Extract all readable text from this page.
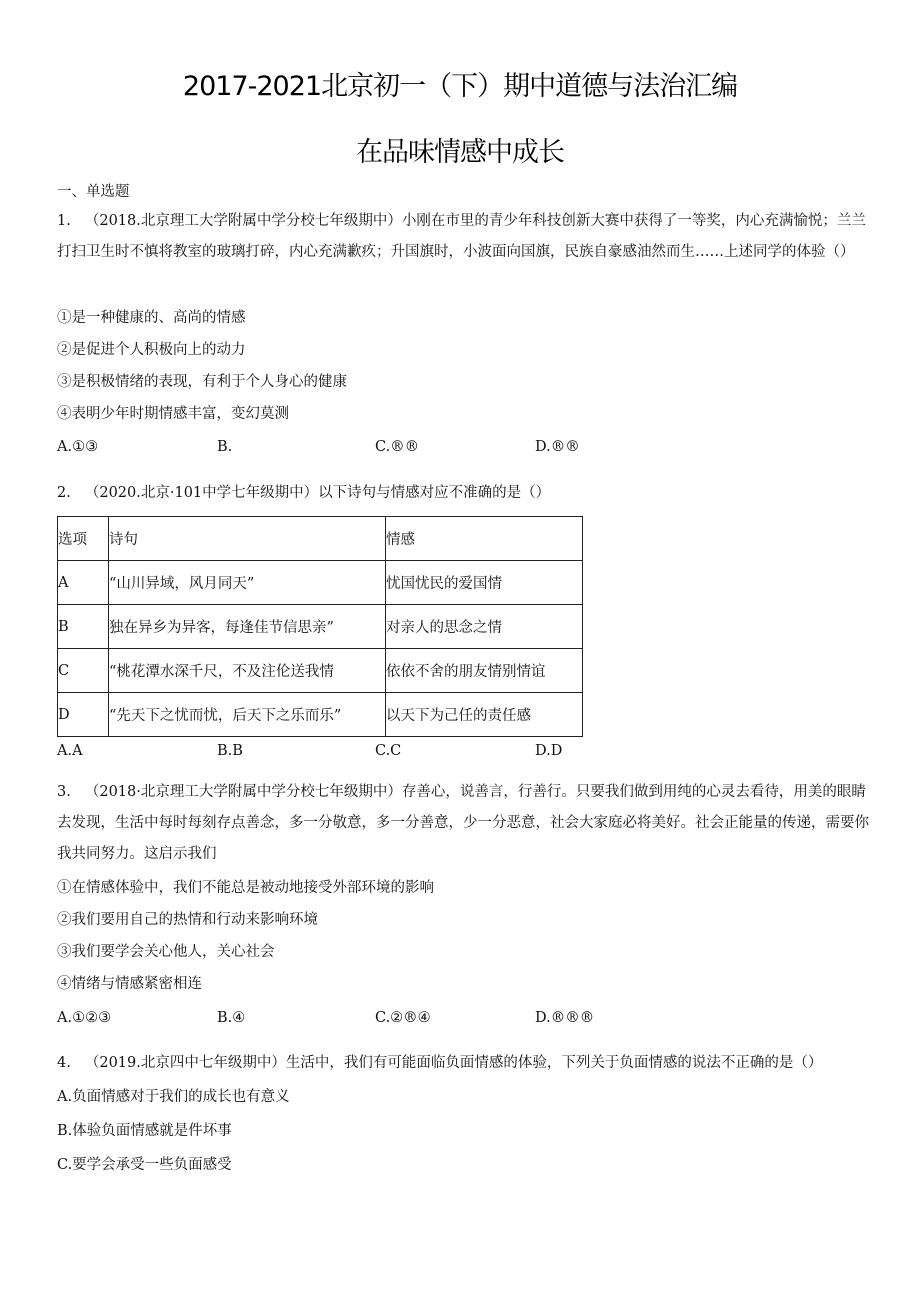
2017-2021北京初一（下）期中道德与法治汇编
在品味情感中成长
一、单选题
1. （2018.北京理工大学附属中学分校七年级期中）小刚在市里的青少年科技创新大赛中获得了一等奖，内心充满愉悦；兰兰打扫卫生时不慎将教室的玻璃打碎，内心充满歉疚；升国旗时，小波面向国旗，民族自豪感油然而生……上述同学的体验（）
①是一种健康的、高尚的情感
②是促进个人积极向上的动力
③是积极情绪的表现，有利于个人身心的健康
④表明少年时期情感丰富，变幻莫测
A.①③	B.	C.®®	D.®®
2. （2020.北京·101中学七年级期中）以下诗句与情感对应不准确的是（）
选项	诗句	情感
A	“山川异域，风月同天”	忧国忧民的爱国情
B	独在异乡为异客，每逢佳节信思亲”	对亲人的思念之情
C	“桃花潭水深千尺，不及注伦送我情	依依不舍的朋友情别情谊
D	“先天下之忧而忧，后天下之乐而乐”	以天下为己任的责任感
A.A	B.B	C.C	D.D
3. （2018·北京理工大学附属中学分校七年级期中）存善心，说善言，行善行。只要我们做到用纯的心灵去看待，用美的眼睛去发现，生活中每时每刻存点善念，多一分敬意，多一分善意，少一分恶意，社会大家庭必将美好。社会正能量的传递，需要你我共同努力。这启示我们
①在情感体验中，我们不能总是被动地接受外部环境的影响
②我们要用自己的热情和行动来影响环境
③我们要学会关心他人，关心社会
④情绪与情感紧密相连
A.①②③	B.④	C.②®④	D.®®®
4. （2019.北京四中七年级期中）生活中，我们有可能面临负面情感的体验，下列关于负面情感的说法不正确的是（）
A.负面情感对于我们的成长也有意义
B.体验负面情感就是件坏事
C.要学会承受一些负面感受
